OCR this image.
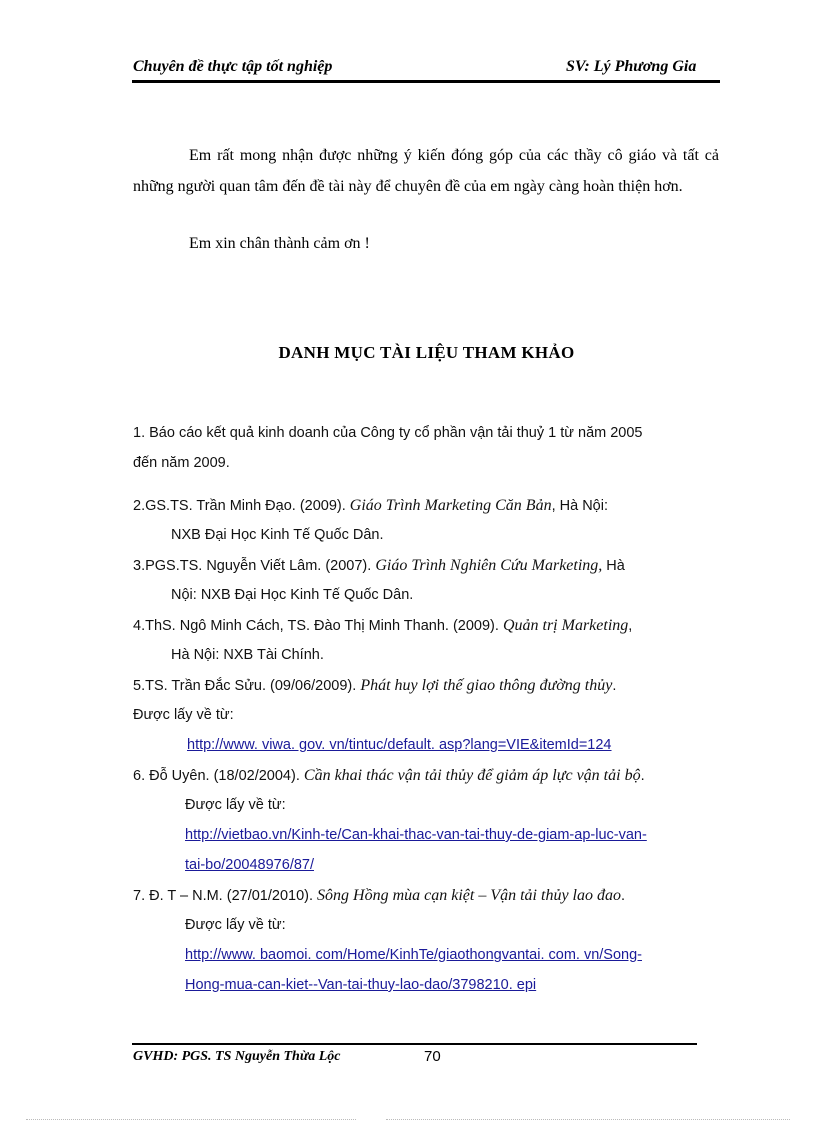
Chuyên đề thực tập tốt nghiệp	SV: Lý Phương Gia

Em rất mong nhận được những ý kiến đóng góp của các thầy cô giáo và tất cả những người quan tâm đến đề tài này để chuyên đề của em ngày càng hoàn thiện hơn.

Em xin chân thành cảm ơn !
DANH MỤC TÀI LIỆU THAM KHẢO
1. Báo cáo kết quả kinh doanh của Công ty cổ phần vận tải thuỷ 1 từ năm 2005
đến năm 2009.
2.GS.TS. Trần Minh Đạo. (2009). Giáo Trình Marketing Căn Bản, Hà Nội:
NXB Đại Học Kinh Tế Quốc Dân.
3.PGS.TS. Nguyễn Viết Lâm. (2007). Giáo Trình Nghiên Cứu Marketing, Hà
Nội: NXB Đại Học Kinh Tế Quốc Dân.
4.ThS. Ngô Minh Cách, TS. Đào Thị Minh Thanh. (2009). Quản trị Marketing,
Hà Nội: NXB Tài Chính.
5.TS. Trần Đắc Sửu. (09/06/2009). Phát huy lợi thế giao thông đường thủy.
Được lấy về từ:
http://www. viwa. gov. vn/tintuc/default. asp?lang=VIE&itemId=124
6. Đỗ Uyên. (18/02/2004). Cần khai thác vận tải thủy để giảm áp lực vận tải bộ.
Được lấy về từ:
http://vietbao.vn/Kinh-te/Can-khai-thac-van-tai-thuy-de-giam-ap-luc-van-
tai-bo/20048976/87/
7. Đ. T – N.M. (27/01/2010). Sông Hồng mùa cạn kiệt – Vận tải thủy lao đao.
Được lấy về từ:
http://www. baomoi. com/Home/KinhTe/giaothongvantai. com. vn/Song-
Hong-mua-can-kiet--Van-tai-thuy-lao-dao/3798210. epi
GVHD: PGS. TS Nguyễn Thừa Lộc	70
